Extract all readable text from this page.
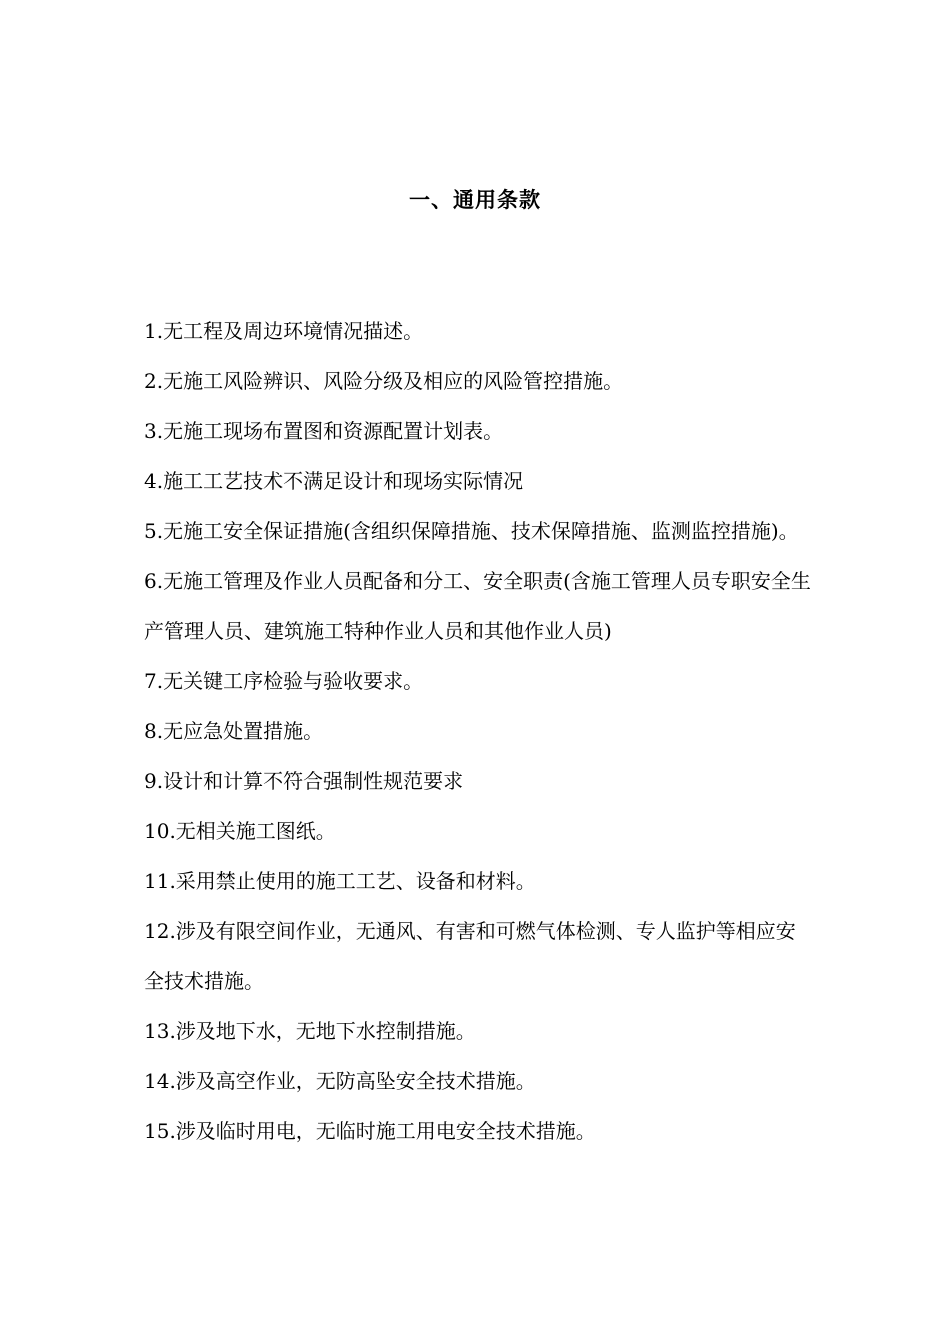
一、通用条款
1.无工程及周边环境情况描述。
2.无施工风险辨识、风险分级及相应的风险管控措施。
3.无施工现场布置图和资源配置计划表。
4.施工工艺技术不满足设计和现场实际情况
5.无施工安全保证措施(含组织保障措施、技术保障措施、监测监控措施)。
6.无施工管理及作业人员配备和分工、安全职责(含施工管理人员专职安全生产管理人员、建筑施工特种作业人员和其他作业人员)
7.无关键工序检验与验收要求。
8.无应急处置措施。
9.设计和计算不符合强制性规范要求
10.无相关施工图纸。
11.采用禁止使用的施工工艺、设备和材料。
12.涉及有限空间作业，无通风、有害和可燃气体检测、专人监护等相应安全技术措施。
13.涉及地下水，无地下水控制措施。
14.涉及高空作业，无防高坠安全技术措施。
15.涉及临时用电，无临时施工用电安全技术措施。
